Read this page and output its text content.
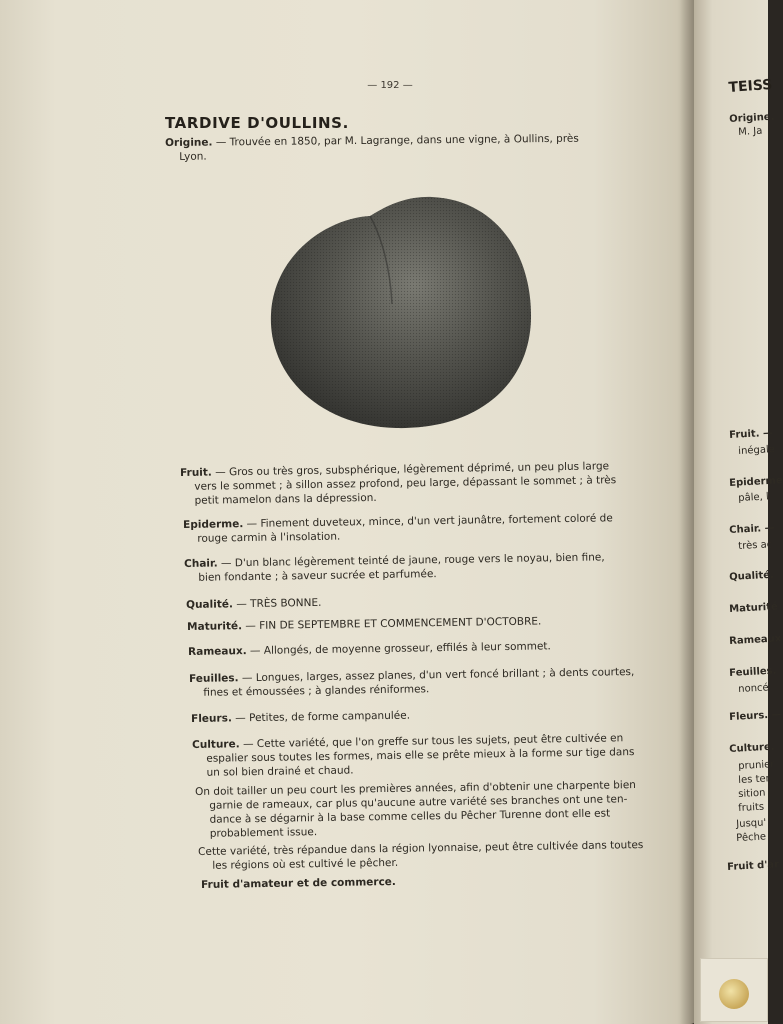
— 192 —
TARDIVE D'OULLINS.
Origine. — Trouvée en 1850, par M. Lagrange, dans une vigne, à Oullins, près
Lyon.
Fruit. — Gros ou très gros, subsphérique, légèrement déprimé, un peu plus large
vers le sommet ; à sillon assez profond, peu large, dépassant le sommet ; à très
petit mamelon dans la dépression.
Epiderme. — Finement duveteux, mince, d'un vert jaunâtre, fortement coloré de
rouge carmin à l'insolation.
Chair. — D'un blanc légèrement teinté de jaune, rouge vers le noyau, bien fine,
bien fondante ; à saveur sucrée et parfumée.
Qualité. — TRÈS BONNE.
Maturité. — FIN DE SEPTEMBRE ET COMMENCEMENT D'OCTOBRE.
Rameaux. — Allongés, de moyenne grosseur, effilés à leur sommet.
Feuilles. — Longues, larges, assez planes, d'un vert foncé brillant ; à dents courtes,
fines et émoussées ; à glandes réniformes.
Fleurs. — Petites, de forme campanulée.
Culture. — Cette variété, que l'on greffe sur tous les sujets, peut être cultivée en
espalier sous toutes les formes, mais elle se prête mieux à la forme sur tige dans
un sol bien drainé et chaud.
On doit tailler un peu court les premières années, afin d'obtenir une charpente bien
garnie de rameaux, car plus qu'aucune autre variété ses branches ont une ten-
dance à se dégarnir à la base comme celles du Pêcher Turenne dont elle est
probablement issue.
Cette variété, très répandue dans la région lyonnaise, peut être cultivée dans toutes
les régions où est cultivé le pêcher.
Fruit d'amateur et de commerce.
TEISS
Origine.
M. Ja
Fruit. —
inégale
Epiderme
pâle, l
Chair. —
très ac
Qualité.
Maturité
Rameaux
Feuilles.
noncé
Fleurs. —
Culture.
prunier
les ter
sition
fruits
Jusqu'
Pêche
Fruit d'ar
